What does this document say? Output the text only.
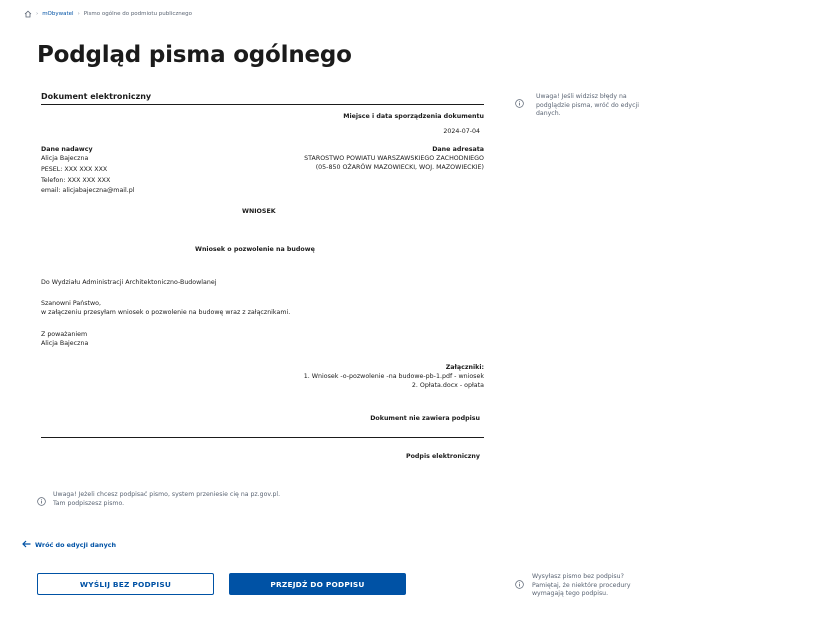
› mObywatel › Pismo ogólne do podmiotu publicznego
Podgląd pisma ogólnego
Dokument elektroniczny
Miejsce i data sporządzenia dokumentu
2024-07-04
Dane nadawcy
Alicja Bajeczna
PESEL: XXX XXX XXX
Telefon: XXX XXX XXX
email: alicjabajeczna@mail.pl
Dane adresata
STAROSTWO POWIATU WARSZAWSKIEGO ZACHODNIEGO
(05-850 OŻARÓW MAZOWIECKI, WOJ. MAZOWIECKIE)
WNIOSEK
Wniosek o pozwolenie na budowę
Do Wydziału Administracji Architektoniczno-Budowlanej
Szanowni Państwo,
w załączeniu przesyłam wniosek o pozwolenie na budowę wraz z załącznikami.
Z poważaniem
Alicja Bajeczna
Załączniki:
1. Wniosek -o-pozwolenie -na budowe-pb-1.pdf - wniosek
2. Opłata.docx - opłata
Dokument nie zawiera podpisu
Podpis elektroniczny
Uwaga! Jeśli widzisz błędy na
podglądzie pisma, wróć do edycji
danych.
Uwaga! Jeżeli chcesz podpisać pismo, system przeniesie cię na pz.gov.pl.
Tam podpiszesz pismo.
Wróć do edycji danych
WYŚLIJ BEZ PODPISU	PRZEJDŹ DO PODPISU
Wysyłasz pismo bez podpisu?
Pamiętaj, że niektóre procedury
wymagają tego podpisu.
